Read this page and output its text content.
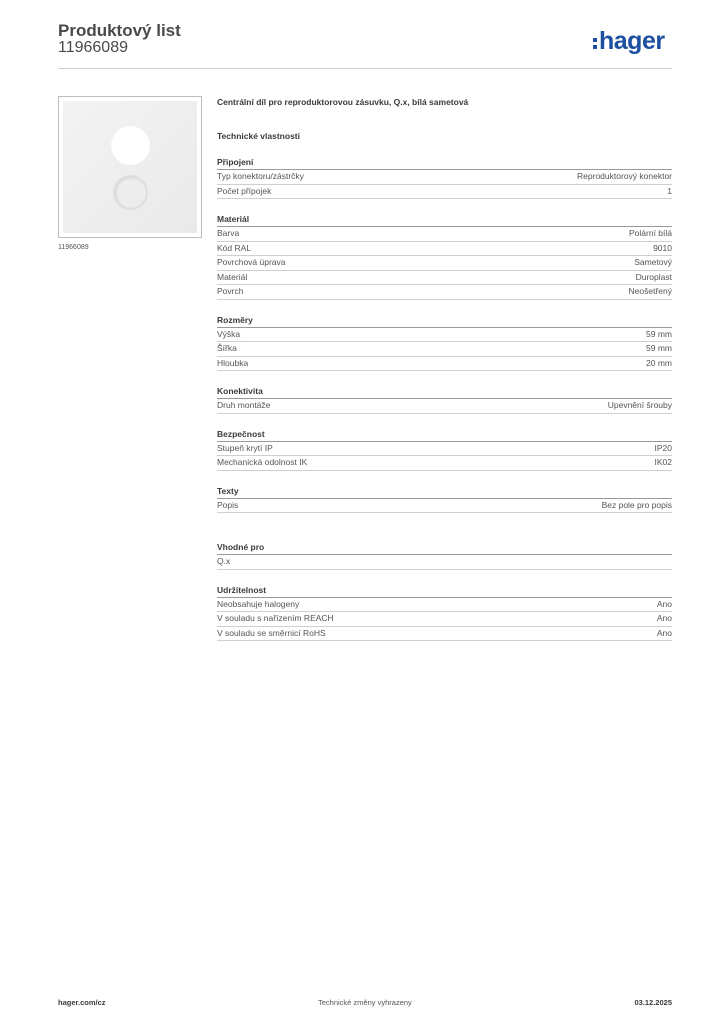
Produktový list
11966089	hager
11966089
Centrální díl pro reproduktorovou zásuvku, Q.x, bílá sametová
Technické vlastnosti
Připojení
Typ konektoru/zástrčky	Reproduktorový konektor
Počet přípojek	1
Materiál
Barva	Polární bílá
Kód RAL	9010
Povrchová úprava	Sametový
Materiál	Duroplast
Povrch	Neošetřený
Rozměry
Výška	59 mm
Šířka	59 mm
Hloubka	20 mm
Konektivita
Druh montáže	Upevnění šrouby
Bezpečnost
Stupeň krytí IP	IP20
Mechanická odolnost IK	IK02
Texty
Popis	Bez pole pro popis
Vhodné pro
Q.x
Udržitelnost
Neobsahuje halogeny	Ano
V souladu s nařízením REACH	Ano
V souladu se směrnicí RoHS	Ano
hager.com/cz	Technické změny vyhrazeny	03.12.2025
